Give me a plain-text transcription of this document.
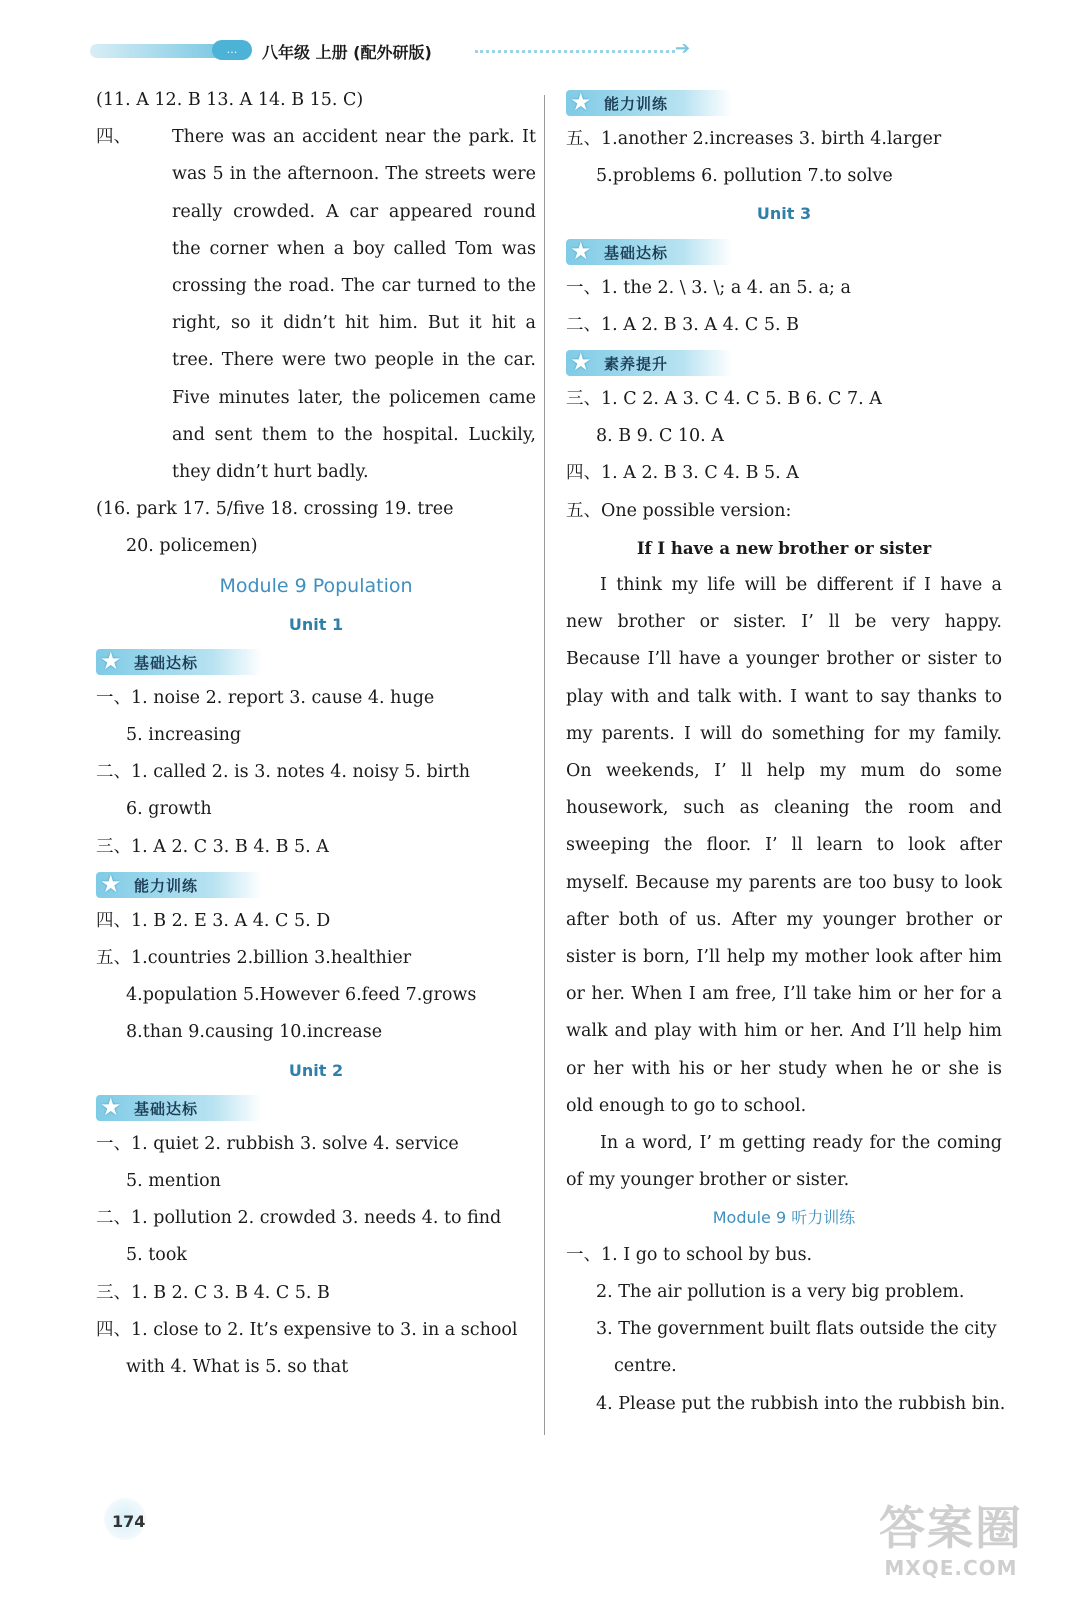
…	八年级 上册 (配外研版)	➔
(11. A 12. B 13. A 14. B 15. C)
四、 There was an accident near the park. It was 5 in the afternoon. The streets were really crowded. A car appeared round the corner when a boy called Tom was crossing the road. The car turned to the right, so it didn’t hit him. But it hit a tree. There were two people in the car. Five minutes later, the policemen came and sent them to the hospital. Luckily, they didn’t hurt badly.
(16. park 17. 5/five 18. crossing 19. tree
20. policemen)
Module 9 Population
Unit 1
★ 基础达标
一、1. noise 2. report 3. cause 4. huge
5. increasing
二、1. called 2. is 3. notes 4. noisy 5. birth
6. growth
三、1. A 2. C 3. B 4. B 5. A
★ 能力训练
四、1. B 2. E 3. A 4. C 5. D
五、1.countries 2.billion 3.healthier
4.population 5.However 6.feed 7.grows
8.than 9.causing 10.increase
Unit 2
★ 基础达标
一、1. quiet 2. rubbish 3. solve 4. service
5. mention
二、1. pollution 2. crowded 3. needs 4. to find
5. took
三、1. B 2. C 3. B 4. C 5. B
四、1. close to 2. It’s expensive to 3. in a school
with 4. What is 5. so that
★ 能力训练
五、1.another 2.increases 3. birth 4.larger
5.problems 6. pollution 7.to solve
Unit 3
★ 基础达标
一、1. the 2. \ 3. \; a 4. an 5. a; a
二、1. A 2. B 3. A 4. C 5. B
★ 素养提升
三、1. C 2. A 3. C 4. C 5. B 6. C 7. A
8. B 9. C 10. A
四、1. A 2. B 3. C 4. B 5. A
五、One possible version:
If I have a new brother or sister
I think my life will be different if I have a new brother or sister. I’ ll be very happy. Because I’ll have a younger brother or sister to play with and talk with. I want to say thanks to my parents. I will do something for my family. On weekends, I’ ll help my mum do some housework, such as cleaning the room and sweeping the floor. I’ ll learn to look after myself. Because my parents are too busy to look after both of us. After my younger brother or sister is born, I’ll help my mother look after him or her. When I am free, I’ll take him or her for a walk and play with him or her. And I’ll help him or her with his or her study when he or she is old enough to go to school.
In a word, I’ m getting ready for the coming of my younger brother or sister.
Module 9 听力训练
一、1. I go to school by bus.
2. The air pollution is a very big problem.
3. The government built flats outside the city
centre.
4. Please put the rubbish into the rubbish bin.
174	答案圈
MXQE.COM
